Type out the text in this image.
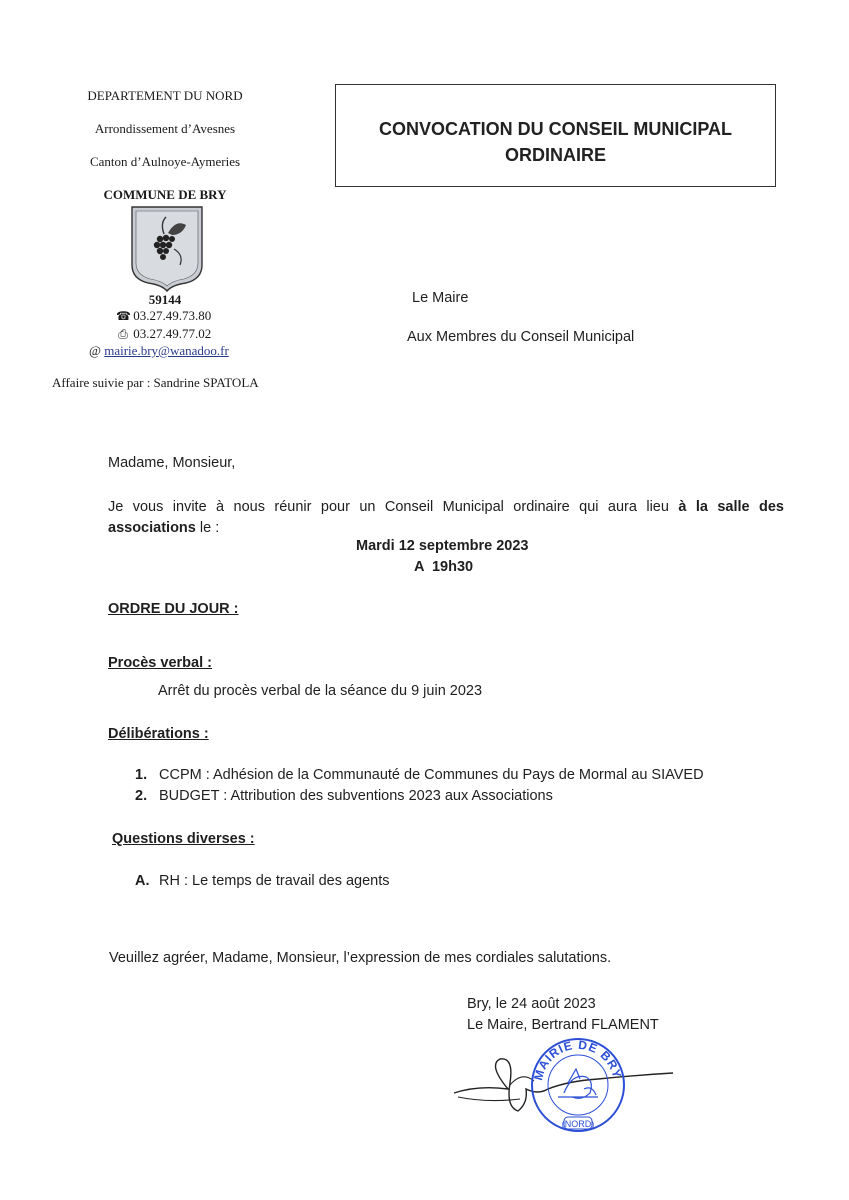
DEPARTEMENT DU NORD
Arrondissement d’Avesnes
Canton d’Aulnoye-Aymeries
COMMUNE DE BRY
59144
☎ 03.27.49.73.80
⎙ 03.27.49.77.02
@ mairie.bry@wanadoo.fr
Affaire suivie par : Sandrine SPATOLA
CONVOCATION DU CONSEIL MUNICIPAL
ORDINAIRE
Le Maire
Aux Membres du Conseil Municipal
Madame, Monsieur,
Je vous invite à nous réunir pour un Conseil Municipal ordinaire qui aura lieu à la salle des associations le :
Mardi 12 septembre 2023
A  19h30
ORDRE DU JOUR :
Procès verbal :
Arrêt du procès verbal de la séance du 9 juin 2023
Délibérations :
1. CCPM : Adhésion de la Communauté de Communes du Pays de Mormal au SIAVED
2. BUDGET : Attribution des subventions 2023 aux Associations
Questions diverses :
A. RH : Le temps de travail des agents
Veuillez agréer, Madame, Monsieur, l’expression de mes cordiales salutations.
Bry, le 24 août 2023
Le Maire, Bertrand FLAMENT
MAIRIE DE BRY
(NORD)
